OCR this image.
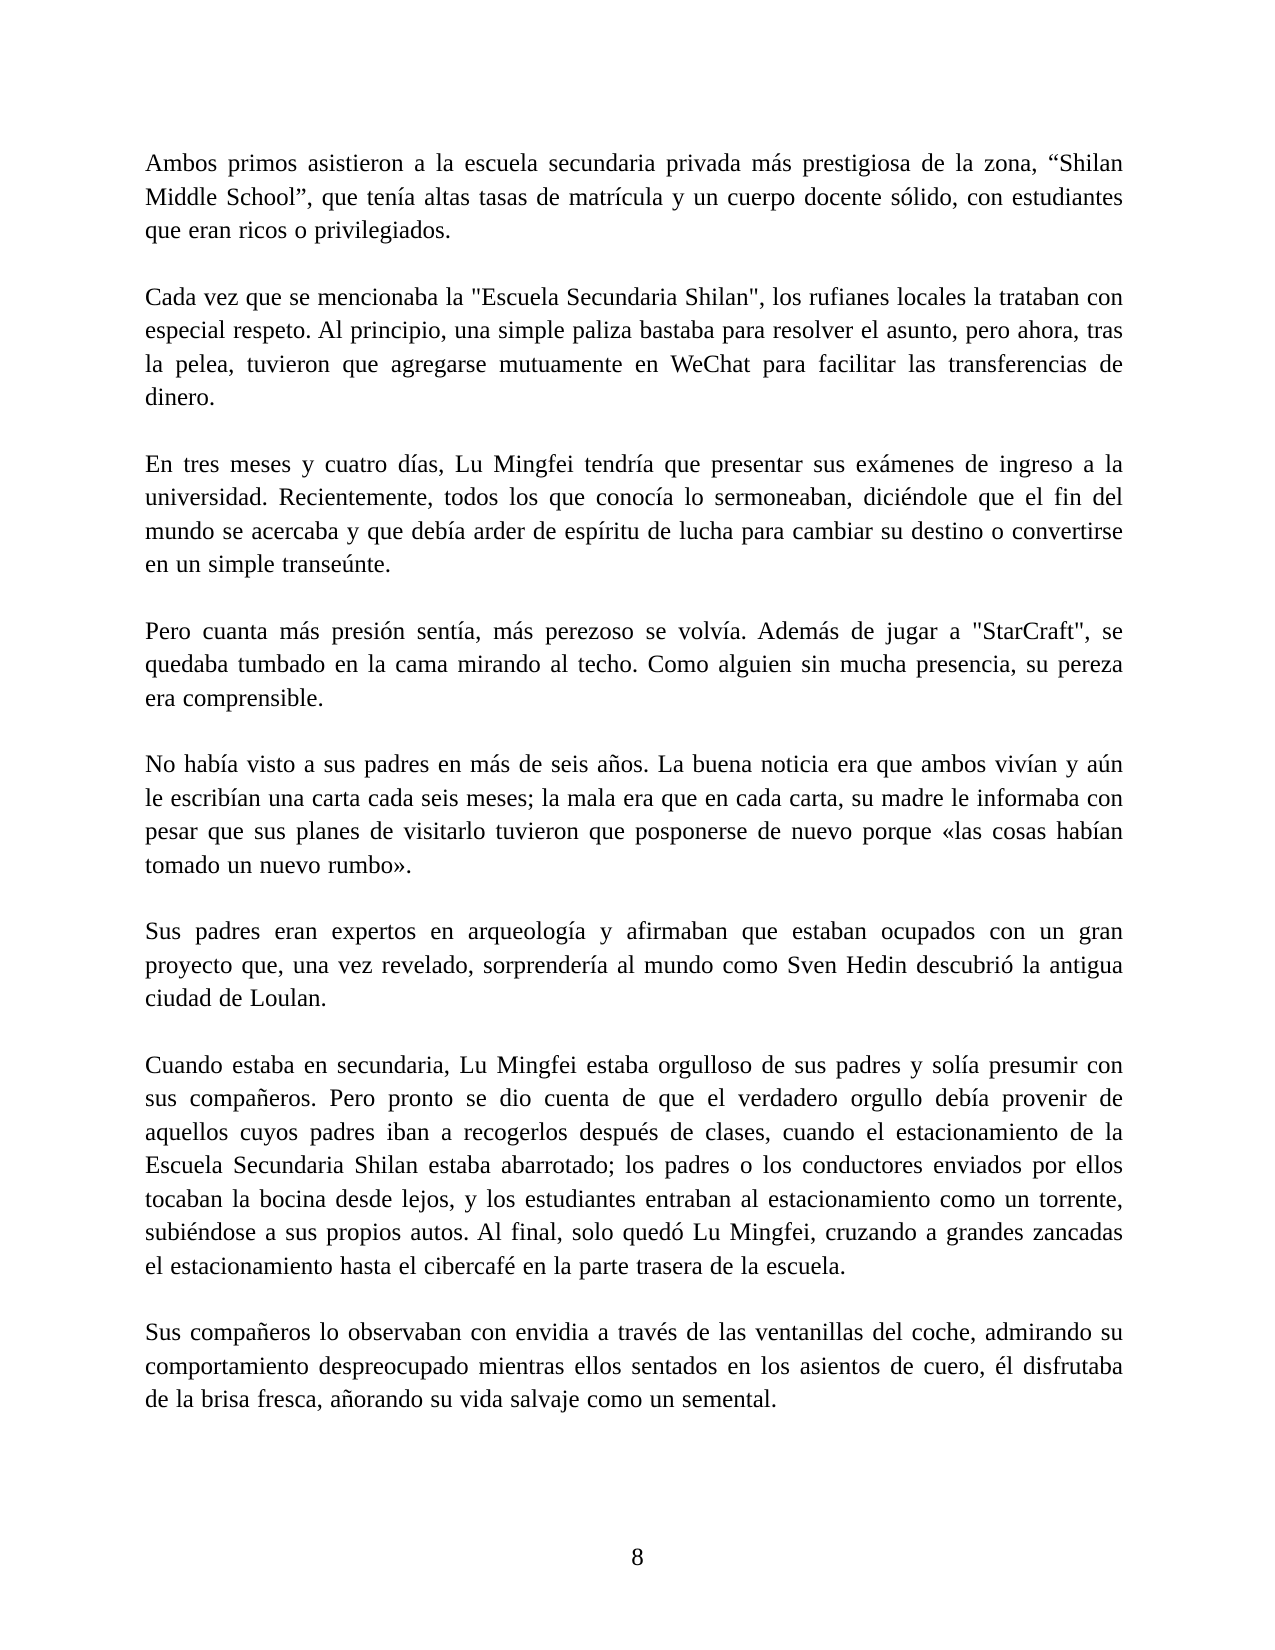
Ambos primos asistieron a la escuela secundaria privada más prestigiosa de la zona, “Shilan Middle School”, que tenía altas tasas de matrícula y un cuerpo docente sólido, con estudiantes que eran ricos o privilegiados.

Cada vez que se mencionaba la "Escuela Secundaria Shilan", los rufianes locales la trataban con especial respeto. Al principio, una simple paliza bastaba para resolver el asunto, pero ahora, tras la pelea, tuvieron que agregarse mutuamente en WeChat para facilitar las transferencias de dinero.

En tres meses y cuatro días, Lu Mingfei tendría que presentar sus exámenes de ingreso a la universidad. Recientemente, todos los que conocía lo sermoneaban, diciéndole que el fin del mundo se acercaba y que debía arder de espíritu de lucha para cambiar su destino o convertirse en un simple transeúnte.

Pero cuanta más presión sentía, más perezoso se volvía. Además de jugar a "StarCraft", se quedaba tumbado en la cama mirando al techo. Como alguien sin mucha presencia, su pereza era comprensible.

No había visto a sus padres en más de seis años. La buena noticia era que ambos vivían y aún le escribían una carta cada seis meses; la mala era que en cada carta, su madre le informaba con pesar que sus planes de visitarlo tuvieron que posponerse de nuevo porque «las cosas habían tomado un nuevo rumbo».

Sus padres eran expertos en arqueología y afirmaban que estaban ocupados con un gran proyecto que, una vez revelado, sorprendería al mundo como Sven Hedin descubrió la antigua ciudad de Loulan.

Cuando estaba en secundaria, Lu Mingfei estaba orgulloso de sus padres y solía presumir con sus compañeros. Pero pronto se dio cuenta de que el verdadero orgullo debía provenir de aquellos cuyos padres iban a recogerlos después de clases, cuando el estacionamiento de la Escuela Secundaria Shilan estaba abarrotado; los padres o los conductores enviados por ellos tocaban la bocina desde lejos, y los estudiantes entraban al estacionamiento como un torrente, subiéndose a sus propios autos. Al final, solo quedó Lu Mingfei, cruzando a grandes zancadas el estacionamiento hasta el cibercafé en la parte trasera de la escuela.

Sus compañeros lo observaban con envidia a través de las ventanillas del coche, admirando su comportamiento despreocupado mientras ellos sentados en los asientos de cuero, él disfrutaba de la brisa fresca, añorando su vida salvaje como un semental.

8
